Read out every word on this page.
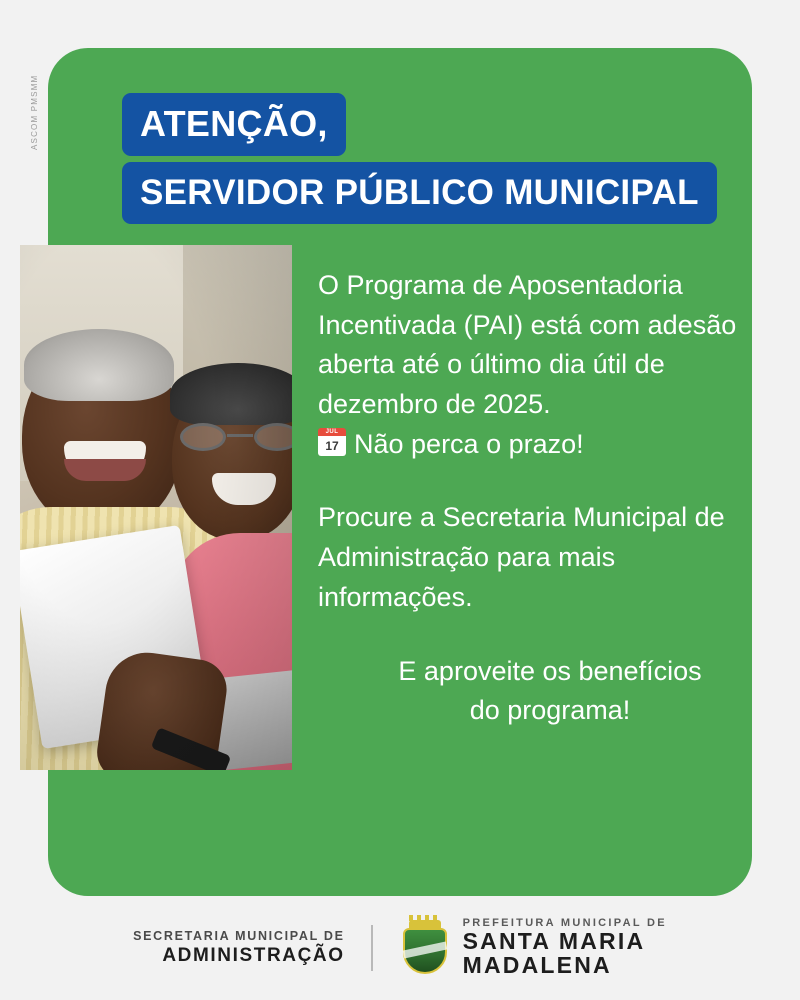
ASCOM PMSMM	ATENÇÃO, SERVIDOR PÚBLICO MUNICIPAL

O Programa de Aposentadoria Incentivada (PAI) está com adesão aberta até o último dia útil de dezembro de 2025.

JUL
17 Não perca o prazo!

Procure a Secretaria Municipal de Administração para mais informações.

E aproveite os benefícios
do programa!
SECRETARIA MUNICIPAL DE
ADMINISTRAÇÃO
PREFEITURA MUNICIPAL DE
SANTA MARIA
MADALENA
